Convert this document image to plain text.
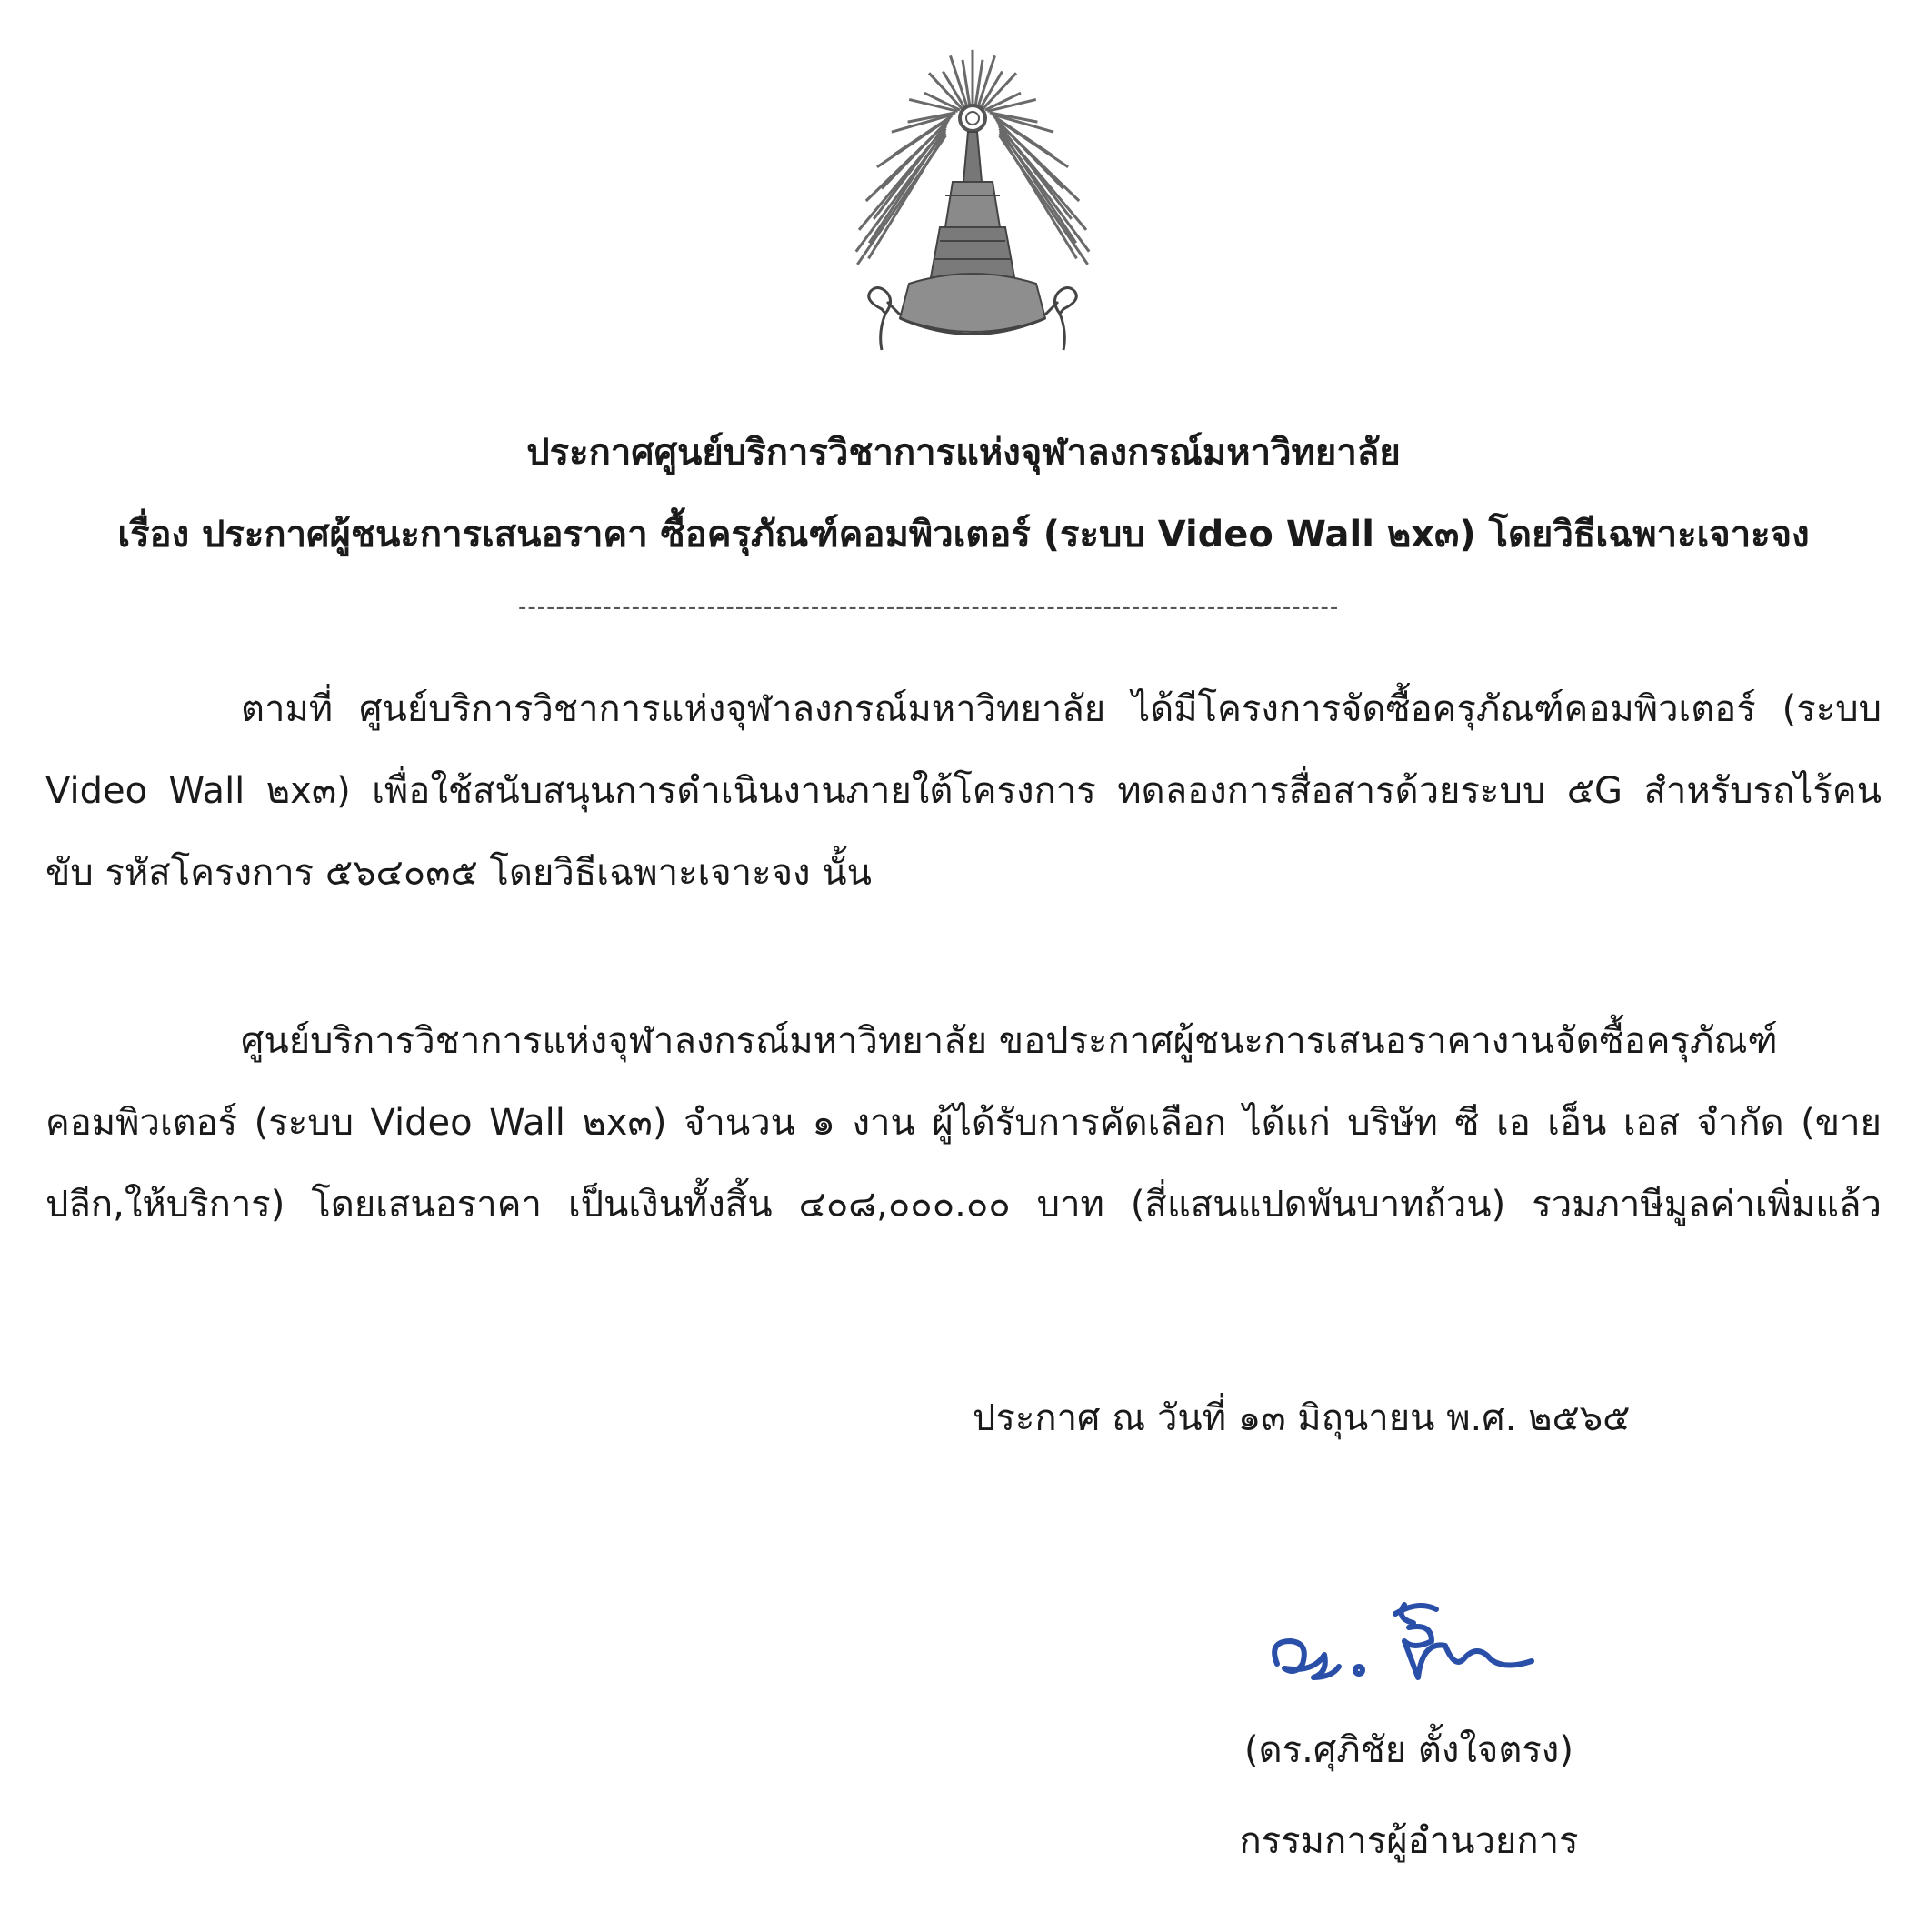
ประกาศศูนย์บริการวิชาการแห่งจุฬาลงกรณ์มหาวิทยาลัย
เรื่อง ประกาศผู้ชนะการเสนอราคา ซื้อครุภัณฑ์คอมพิวเตอร์ (ระบบ Video Wall ๒x๓) โดยวิธีเฉพาะเจาะจง
---------------------------------------------------------------------------------------
ตามที่ ศูนย์บริการวิชาการแห่งจุฬาลงกรณ์มหาวิทยาลัย ได้มีโครงการจัดซื้อครุภัณฑ์คอมพิวเตอร์ (ระบบ
Video Wall ๒x๓) เพื่อใช้สนับสนุนการดำเนินงานภายใต้โครงการ ทดลองการสื่อสารด้วยระบบ ๕G สำหรับรถไร้คน
ขับ รหัสโครงการ ๕๖๔๐๓๕ โดยวิธีเฉพาะเจาะจง นั้น
ศูนย์บริการวิชาการแห่งจุฬาลงกรณ์มหาวิทยาลัย ขอประกาศผู้ชนะการเสนอราคางานจัดซื้อครุภัณฑ์
คอมพิวเตอร์ (ระบบ Video Wall ๒x๓) จำนวน ๑ งาน ผู้ได้รับการคัดเลือก ได้แก่ บริษัท ซี เอ เอ็น เอส จำกัด (ขาย
ปลีก,ให้บริการ) โดยเสนอราคา เป็นเงินทั้งสิ้น ๔๐๘,๐๐๐.๐๐ บาท (สี่แสนแปดพันบาทถ้วน) รวมภาษีมูลค่าเพิ่มแล้ว
ประกาศ ณ วันที่ ๑๓ มิถุนายน พ.ศ. ๒๕๖๕
(ดร.ศุภิชัย ตั้งใจตรง)
กรรมการผู้อำนวยการ
